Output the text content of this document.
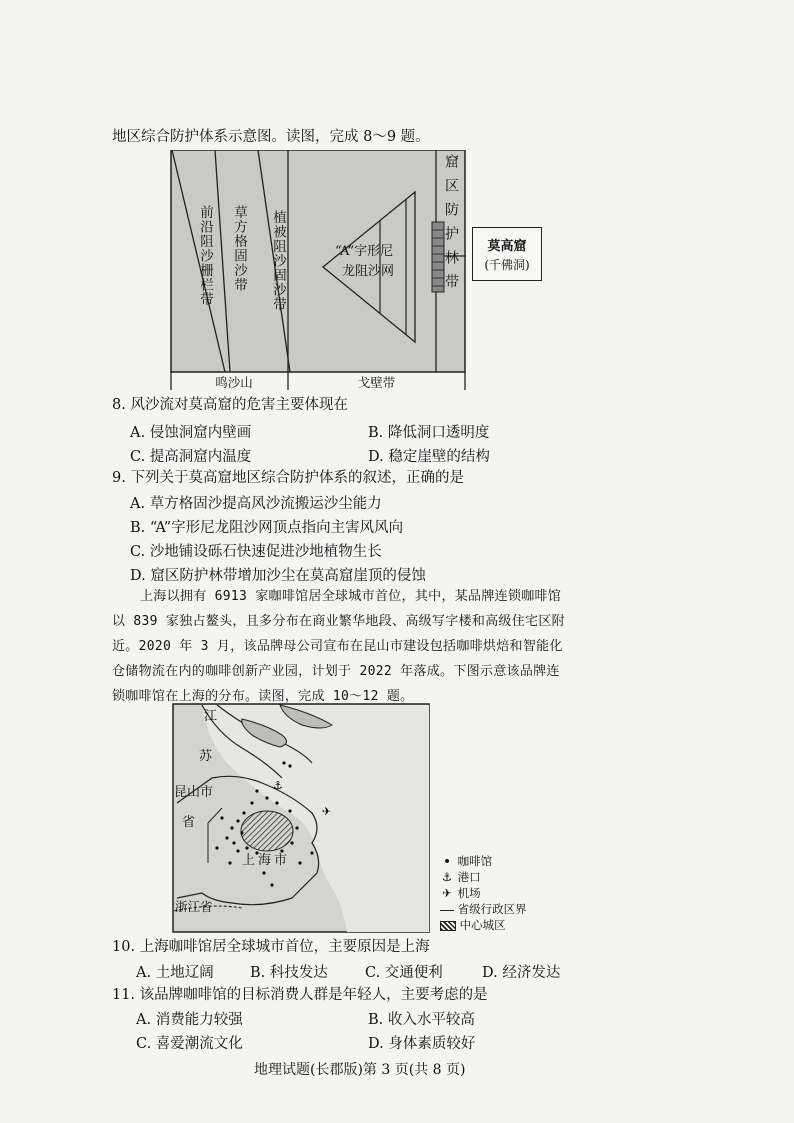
地区综合防护体系示意图。读图，完成 8～9 题。
前沿阻沙栅栏带 草方格固沙带 植被阻沙固沙带	“A”字形尼
龙阻沙网	窟区防护林带
鸣沙山	戈壁带
莫高窟
(千佛洞)
8. 风沙流对莫高窟的危害主要体现在
A. 侵蚀洞窟内壁画	B. 降低洞口透明度
C. 提高洞窟内温度	D. 稳定崖壁的结构
9. 下列关于莫高窟地区综合防护体系的叙述，正确的是
A. 草方格固沙提高风沙流搬运沙尘能力
B. “A”字形尼龙阻沙网顶点指向主害风风向
C. 沙地铺设砾石快速促进沙地植物生长
D. 窟区防护林带增加沙尘在莫高窟崖顶的侵蚀
上海以拥有 6913 家咖啡馆居全球城市首位，其中，某品牌连锁咖啡馆
以 839 家独占鳌头，且多分布在商业繁华地段、高级写字楼和高级住宅区附
近。2020 年 3 月，该品牌母公司宣布在昆山市建设包括咖啡烘焙和智能化
仓储物流在内的咖啡创新产业园，计划于 2022 年落成。下图示意该品牌连
锁咖啡馆在上海的分布。读图，完成 10～12 题。
⚓
✈
江
苏
昆山市
省
上海市
浙江省
• 咖啡馆
⚓ 港口
✈ 机场
省级行政区界
中心城区
10. 上海咖啡馆居全球城市首位，主要原因是上海
A. 土地辽阔	B. 科技发达	C. 交通便利	D. 经济发达
11. 该品牌咖啡馆的目标消费人群是年轻人，主要考虑的是
A. 消费能力较强	B. 收入水平较高
C. 喜爱潮流文化	D. 身体素质较好
地理试题(长郡版)第 3 页(共 8 页)
